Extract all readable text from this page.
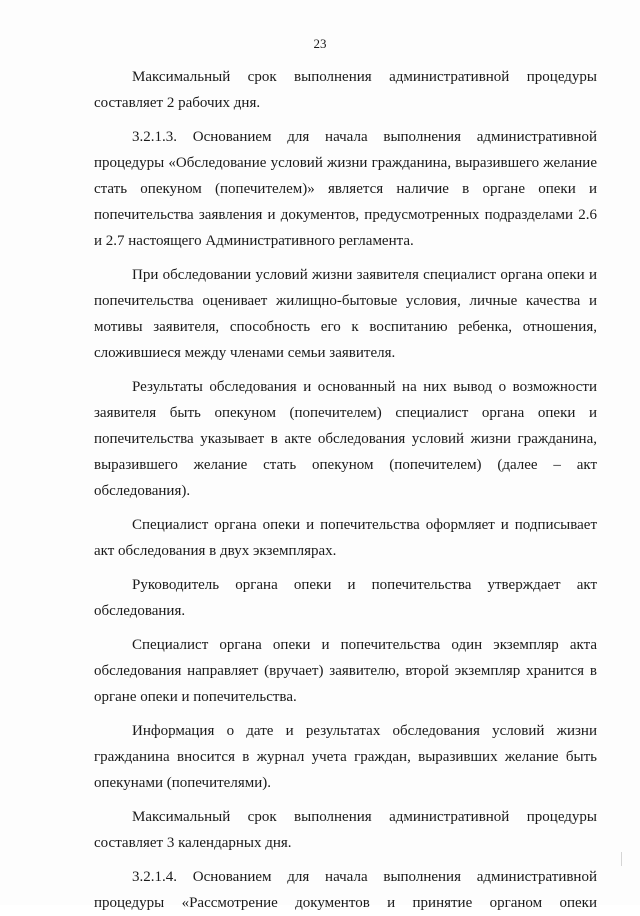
23

Максимальный срок выполнения административной процедуры составляет 2 рабочих дня.

3.2.1.3. Основанием для начала выполнения административной процедуры «Обследование условий жизни гражданина, выразившего желание стать опекуном (попечителем)» является наличие в органе опеки и попечительства заявления и документов, предусмотренных подразделами 2.6 и 2.7 настоящего Административного регламента.

При обследовании условий жизни заявителя специалист органа опеки и попечительства оценивает жилищно-бытовые условия, личные качества и мотивы заявителя, способность его к воспитанию ребенка, отношения, сложившиеся между членами семьи заявителя.

Результаты обследования и основанный на них вывод о возможности заявителя быть опекуном (попечителем) специалист органа опеки и попечительства указывает в акте обследования условий жизни гражданина, выразившего желание стать опекуном (попечителем) (далее – акт обследования).

Специалист органа опеки и попечительства оформляет и подписывает акт обследования в двух экземплярах.

Руководитель органа опеки и попечительства утверждает акт обследования.

Специалист органа опеки и попечительства один экземпляр акта обследования направляет (вручает) заявителю, второй экземпляр хранится в органе опеки и попечительства.

Информация о дате и результатах обследования условий жизни гражданина вносится в журнал учета граждан, выразивших желание быть опекунами (попечителями).

Максимальный срок выполнения административной процедуры составляет 3 календарных дня.

3.2.1.4. Основанием для начала выполнения административной процедуры «Рассмотрение документов и принятие органом опеки
